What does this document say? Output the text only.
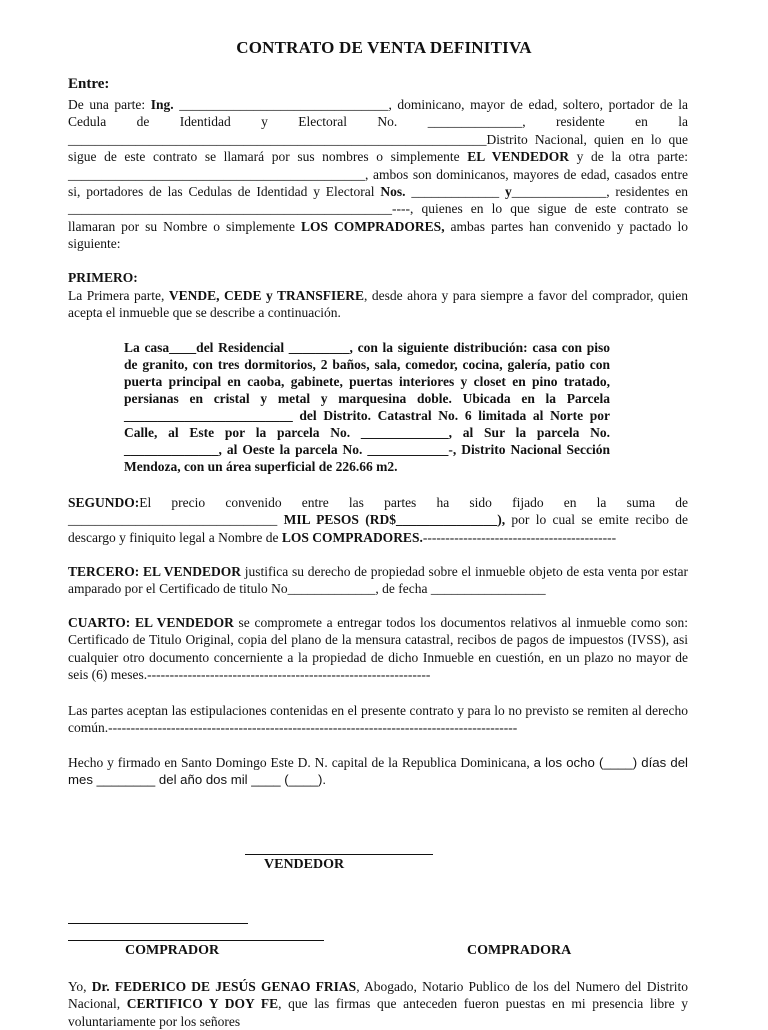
CONTRATO DE VENTA DEFINITIVA
Entre:
De una parte: Ing. _______________________________, dominicano, mayor de edad, soltero, portador de la Cedula de Identidad y Electoral No. ______________, residente en la ______________________________________________________________Distrito Nacional, quien en lo que sigue de este contrato se llamará por sus nombres o simplemente EL VENDEDOR y de la otra parte: ____________________________________________, ambos son dominicanos, mayores de edad, casados entre si, portadores de las Cedulas de Identidad y Electoral Nos. _____________ y______________, residentes en ________________________________________________----, quienes en lo que sigue de este contrato se llamaran por su Nombre o simplemente LOS COMPRADORES, ambas partes han convenido y pactado lo siguiente:
PRIMERO:
La Primera parte, VENDE, CEDE y TRANSFIERE, desde ahora y para siempre a favor del comprador, quien acepta el inmueble que se describe a continuación.
La casa____del Residencial _________, con la siguiente distribución: casa con piso de granito, con tres dormitorios, 2 baños, sala, comedor, cocina, galería, patio con puerta principal en caoba, gabinete, puertas interiores y closet en pino tratado, persianas en cristal y metal y marquesina doble. Ubicada en la Parcela _________________________ del Distrito. Catastral No. 6 limitada al Norte por Calle, al Este por la parcela No. _____________, al Sur la parcela No. ______________, al Oeste la parcela No. ____________-, Distrito Nacional Sección Mendoza, con un área superficial de 226.66 m2.
SEGUNDO:El precio convenido entre las partes ha sido fijado en la suma de _______________________________ MIL PESOS (RD$_______________), por lo cual se emite recibo de descargo y finiquito legal a Nombre de LOS COMPRADORES.-------------------------------------------
TERCERO: EL VENDEDOR justifica su derecho de propiedad sobre el inmueble objeto de esta venta por estar amparado por el Certificado de titulo No_____________, de fecha _________________
CUARTO: EL VENDEDOR se compromete a entregar todos los documentos relativos al inmueble como son: Certificado de Titulo Original, copia del plano de la mensura catastral, recibos de pagos de impuestos (IVSS), asi cualquier otro documento concerniente a la propiedad de dicho Inmueble en cuestión, en un plazo no mayor de seis (6) meses.---------------------------------------------------------------
Las partes aceptan las estipulaciones contenidas en el presente contrato y para lo no previsto se remiten al derecho común.-------------------------------------------------------------------------------------------
Hecho y firmado en Santo Domingo Este D. N. capital de la Republica Dominicana, a los ocho (____) días del mes ________ del año dos mil ____ (____).
VENDEDOR
COMPRADOR	COMPRADORA
Yo, Dr. FEDERICO DE JESÚS GENAO FRIAS, Abogado, Notario Publico de los del Numero del Distrito Nacional, CERTIFICO Y DOY FE, que las firmas que anteceden fueron puestas en mi presencia libre y voluntariamente por los señores
